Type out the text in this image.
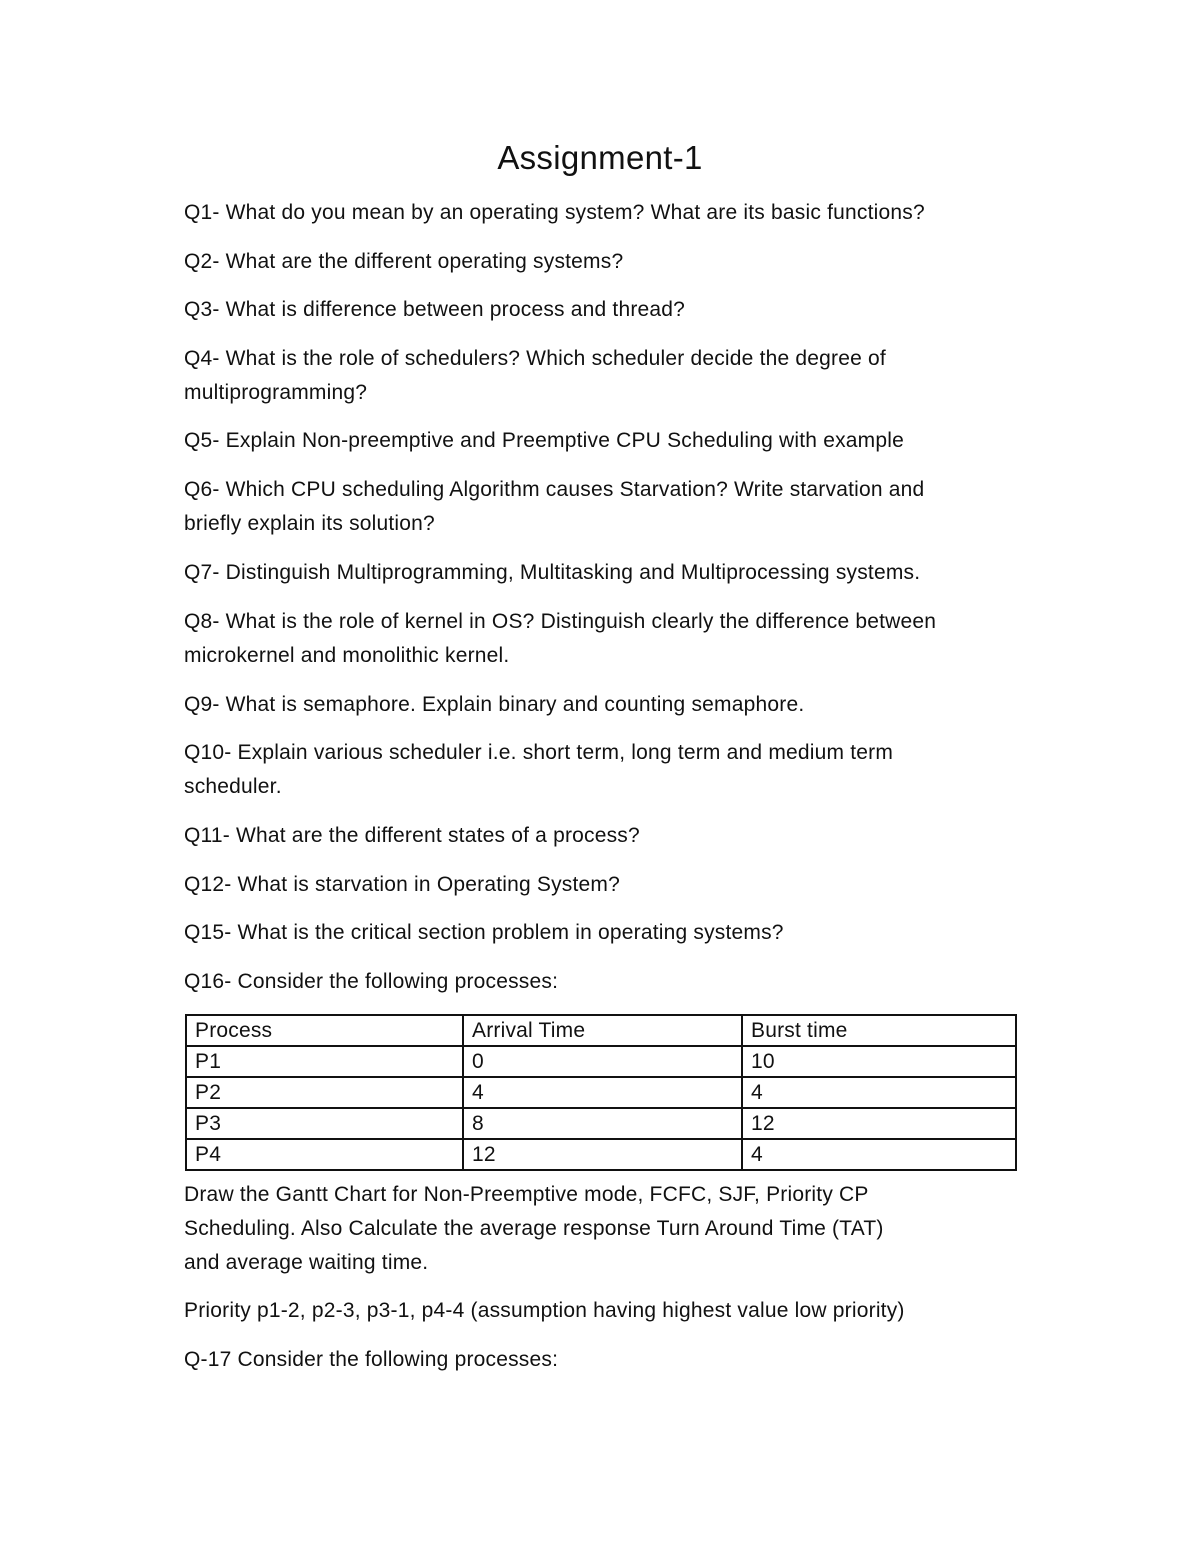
Assignment-1
Q1- What do you mean by an operating system? What are its basic functions?
Q2- What are the different operating systems?
Q3- What is difference between process and thread?
Q4- What is the role of schedulers? Which scheduler decide the degree of
multiprogramming?
Q5- Explain Non-preemptive and Preemptive CPU Scheduling with example
Q6- Which CPU scheduling Algorithm causes Starvation? Write starvation and
briefly explain its solution?
Q7- Distinguish Multiprogramming, Multitasking and Multiprocessing systems.
Q8- What is the role of kernel in OS? Distinguish clearly the difference between
microkernel and monolithic kernel.
Q9- What is semaphore. Explain binary and counting semaphore.
Q10- Explain various scheduler i.e. short term, long term and medium term
scheduler.
Q11- What are the different states of a process?
Q12- What is starvation in Operating System?
Q15- What is the critical section problem in operating systems?
Q16- Consider the following processes:
Process	Arrival Time	Burst time
P1	0	10
P2	4	4
P3	8	12
P4	12	4
Draw the Gantt Chart for Non-Preemptive mode, FCFC, SJF, Priority CP
Scheduling. Also Calculate the average response Turn Around Time (TAT)
and average waiting time.
Priority p1-2, p2-3, p3-1, p4-4 (assumption having highest value low priority)
Q-17 Consider the following processes:
